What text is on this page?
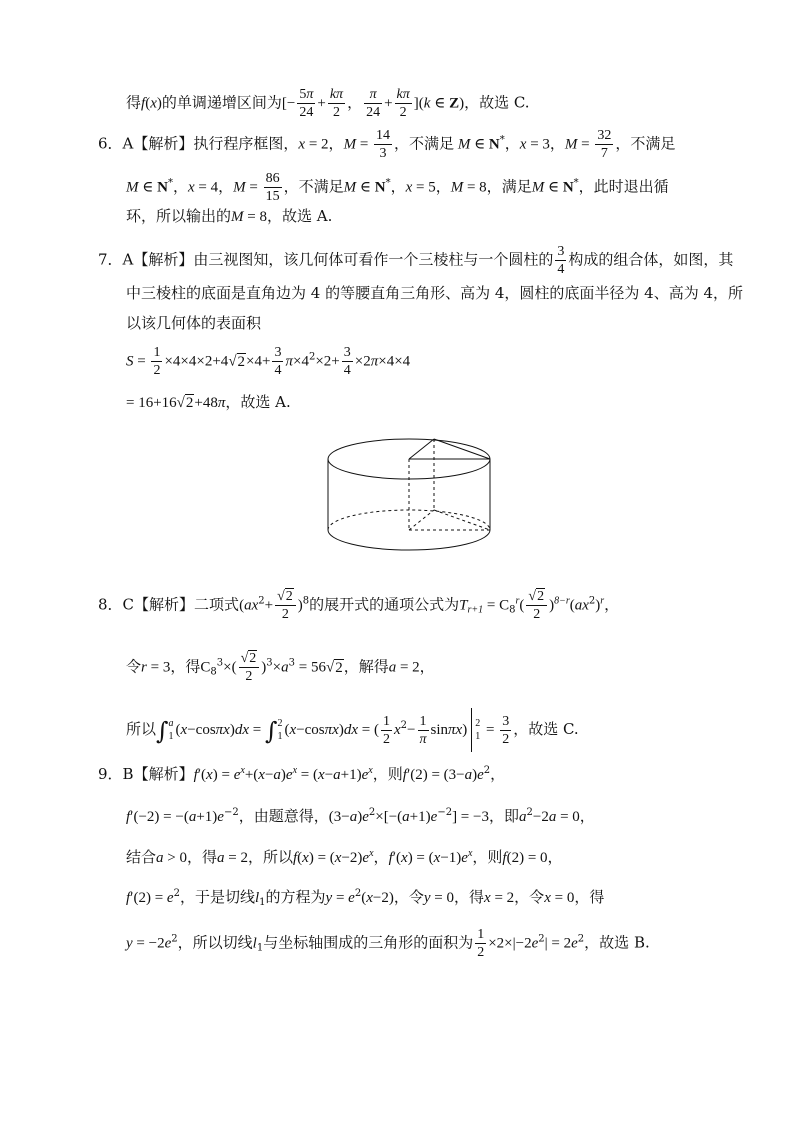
得f(x)的单调递增区间为[− $\frac{5\pi}{24} + \frac{k\pi}{2}$ ， $\frac{\pi}{24} + \frac{k\pi}{2} ](k$ ∈ Z)，故选 C.
6．A【解析】执行程序框图，x = 2，$M = \frac{14}{3}$ ，不满足 M ∈ N*，x = 3，$M = \frac{32}{7}$ ，不满足
M ∈ N*，x = 4，$M = \frac{86}{15}$ ，不满足M ∈ N*，x = 5，M = 8，满足M ∈ N*，此时退出循
环，所以输出的M = 8，故选 A.
7．A【解析】由三视图知，该几何体可看作一个三棱柱与一个圆柱的 $\frac{3}{4}$ 构成的组合体，如图，其
中三棱柱的底面是直角边为 4 的等腰直角三角形、高为 4，圆柱的底面半径为 4、高为 4，所
以该几何体的表面积
$S = \frac{1}{2} \times 4\times 4\times 2+4√2\times 4+ \frac{3}{4} \pi\times 4^2\times 2+ \frac{3}{4} \times 2\pi\times 4\times 4$
= 16+16√2+48π，故选 A.
8．C【解析】二项式$(ax^2+ \frac{√2}{2} )^8$的展开式的通项公式为$T_{r+1} = C_8^r( \frac{√2}{2} )^{8-r}(ax^2)^r$，
令r = 3，得$C_8^3\times( \frac{√2}{2} )^3\times a^3 = 56√2$，解得a = 2，
所以∫ a
1 (x−cosπx)dx = ∫ 2
1 (x−cosπx)dx = ( $\frac{1}{2} x^2- \frac{1}{\pi} \sin\pi x$) 2
$1 = \frac{3}{2}$ ，故选 C.
9．B【解析】$f'(x) = e^x+(x-a)e^x = (x-a+1)e^x$，则$f'(2) = (3-a)e^2$，
$f'(-2) = -(a+1)e^{-2}$，由题意得，$(3-a)e^2\times[-(a+1)e^{-2}] = -3$，即$a^2-2a = 0$，
结合a > 0，得a = 2，所以$f(x) = (x-2)e^x$，$f'(x) = (x-1)e^x$，则f(2) = 0，
$f'(2) = e^2$，于是切线$l_1$的方程为$y = e^2(x-2)$，令y = 0，得x = 2，令x = 0，得
$y = -2e^2$，所以切线$l_1$与坐标轴围成的三角形的面积为 $\frac{1}{2} \times 2\times|-2e^2| = 2e^2$，故选 B.
